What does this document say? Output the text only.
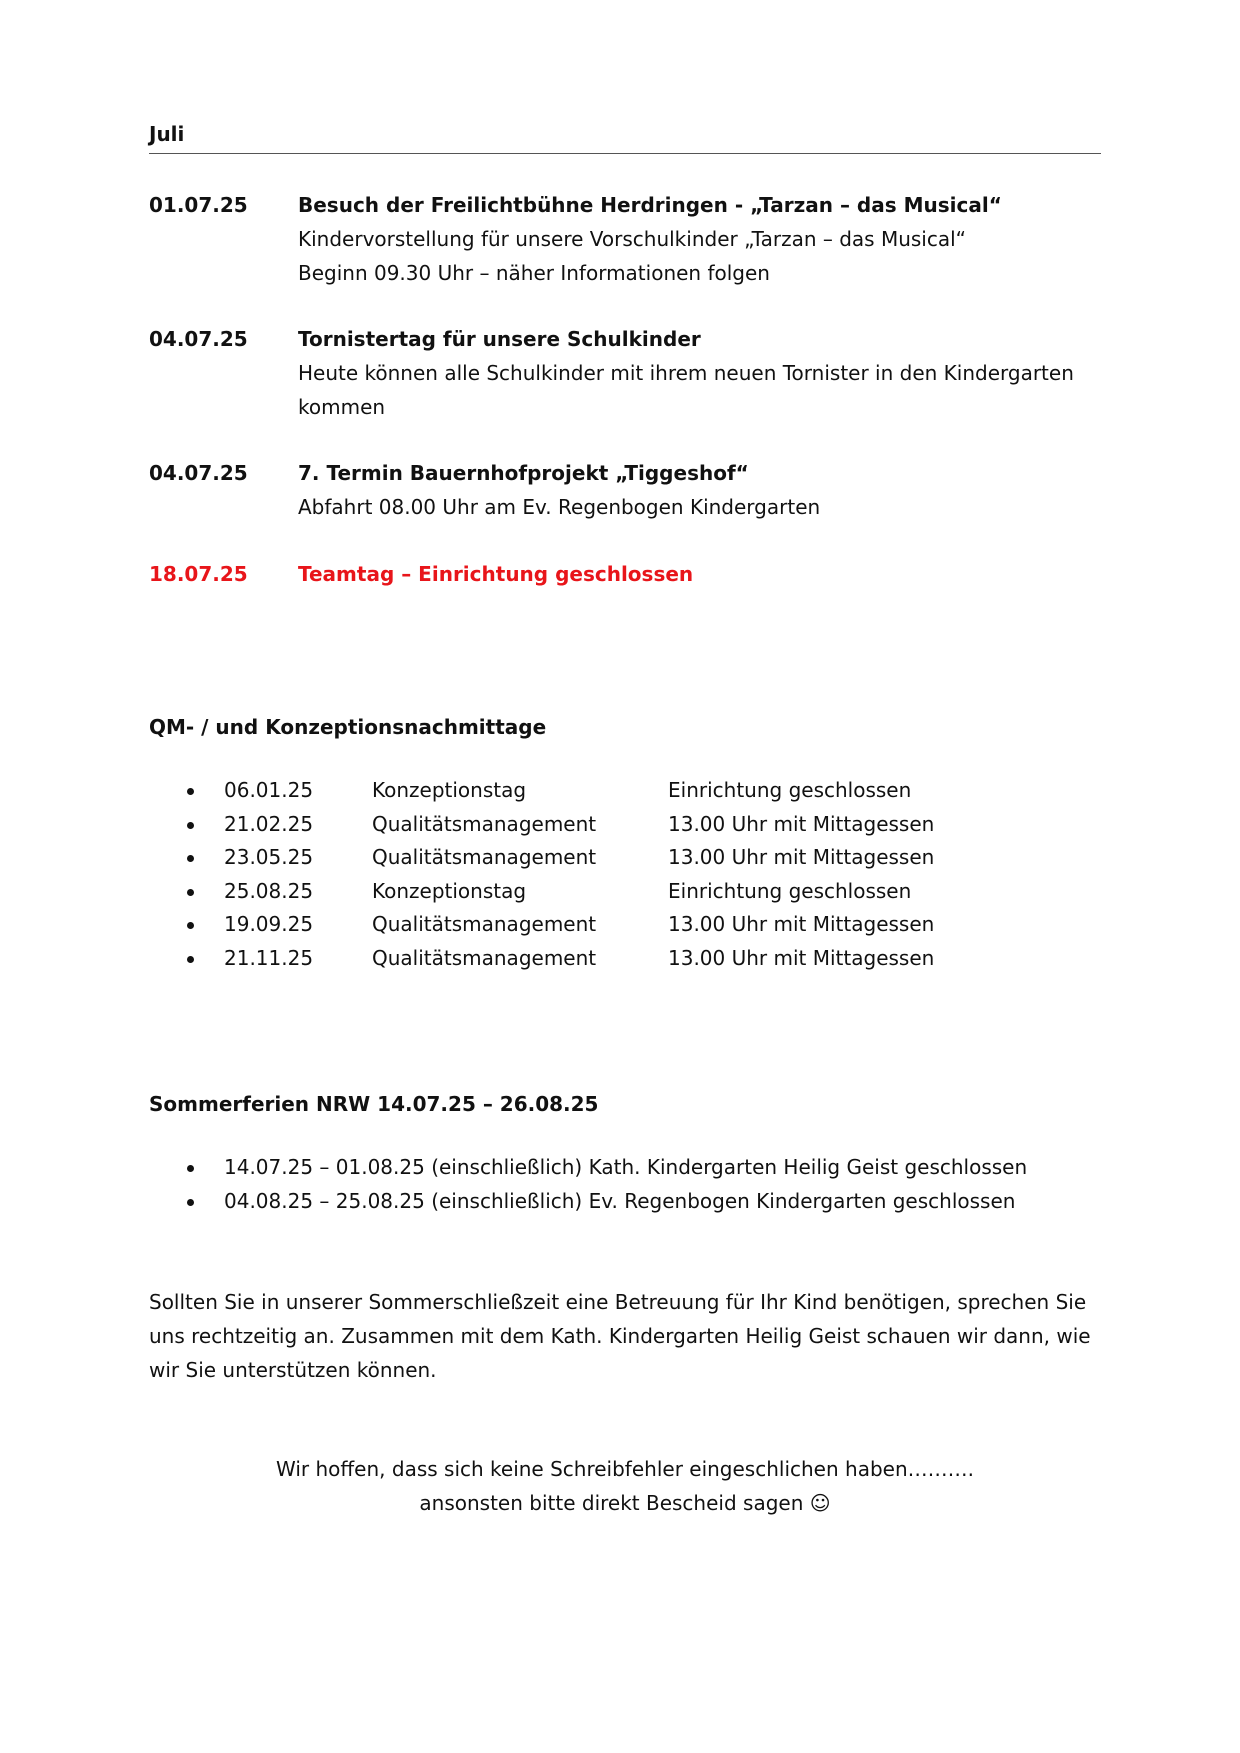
Juli
01.07.25	Besuch der Freilichtbühne Herdringen - „Tarzan – das Musical“
Kindervorstellung für unsere Vorschulkinder „Tarzan – das Musical“
Beginn 09.30 Uhr – näher Informationen folgen
04.07.25	Tornistertag für unsere Schulkinder
Heute können alle Schulkinder mit ihrem neuen Tornister in den Kindergarten
kommen
04.07.25	7. Termin Bauernhofprojekt „Tiggeshof“
Abfahrt 08.00 Uhr am Ev. Regenbogen Kindergarten
18.07.25	Teamtag – Einrichtung geschlossen
QM- / und Konzeptionsnachmittage
06.01.25	Konzeptionstag	Einrichtung geschlossen
21.02.25	Qualitätsmanagement	13.00 Uhr mit Mittagessen
23.05.25	Qualitätsmanagement	13.00 Uhr mit Mittagessen
25.08.25	Konzeptionstag	Einrichtung geschlossen
19.09.25	Qualitätsmanagement	13.00 Uhr mit Mittagessen
21.11.25	Qualitätsmanagement	13.00 Uhr mit Mittagessen
Sommerferien NRW 14.07.25 – 26.08.25
14.07.25 – 01.08.25 (einschließlich) Kath. Kindergarten Heilig Geist geschlossen
04.08.25 – 25.08.25 (einschließlich) Ev. Regenbogen Kindergarten geschlossen
Sollten Sie in unserer Sommerschließzeit eine Betreuung für Ihr Kind benötigen, sprechen Sie uns rechtzeitig an. Zusammen mit dem Kath. Kindergarten Heilig Geist schauen wir dann, wie wir Sie unterstützen können.
Wir hoffen, dass sich keine Schreibfehler eingeschlichen haben……….
ansonsten bitte direkt Bescheid sagen ☺
